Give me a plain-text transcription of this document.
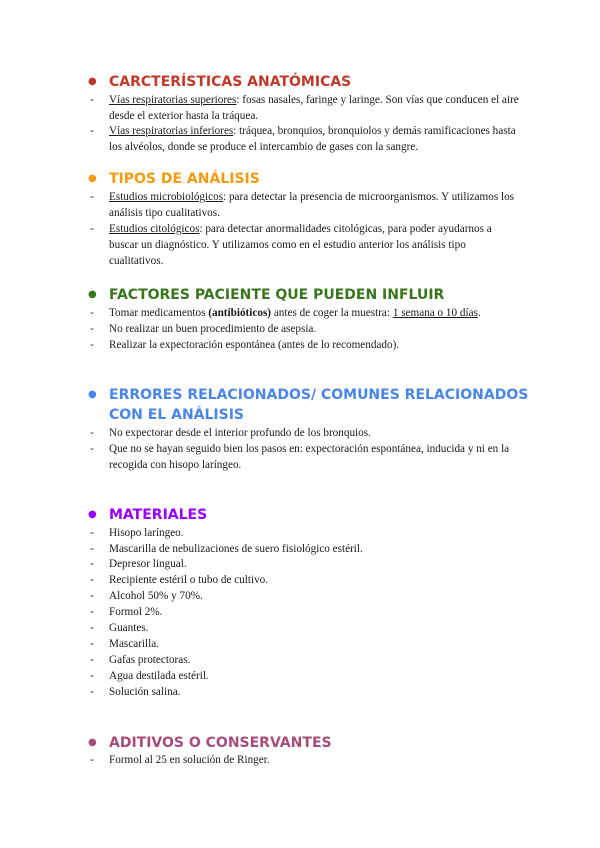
● CARCTERÍSTICAS ANATÓMICAS
-	Vías respiratorias superiores: fosas nasales, faringe y laringe. Son vías que conducen el aire desde el exterior hasta la tráquea.
-	Vías respiratorias inferiores: tráquea, bronquios, bronquiolos y demás ramificaciones hasta los alvéolos, donde se produce el intercambio de gases con la sangre.
● TIPOS DE ANÁLISIS
-	Estudios microbiológicos: para detectar la presencia de microorganismos. Y utilizamos los análisis tipo cualitativos.
-	Estudios citológicos: para detectar anormalidades citológicas, para poder ayudarnos a buscar un diagnóstico. Y utilizamos como en el estudio anterior los análisis tipo cualitativos.
● FACTORES PACIENTE QUE PUEDEN INFLUIR
-	Tomar medicamentos (antibióticos) antes de coger la muestra: 1 semana o 10 días.
-	No realizar un buen procedimiento de asepsia.
-	Realizar la expectoración espontánea (antes de lo recomendado).
● ERRORES RELACIONADOS/ COMUNES RELACIONADOS CON EL ANÁLISIS
-	No expectorar desde el interior profundo de los bronquios.
-	Que no se hayan seguido bien los pasos en: expectoración espontánea, inducida y ni en la recogida con hisopo laríngeo.
● MATERIALES
-	Hisopo laríngeo.
-	Mascarilla de nebulizaciones de suero fisiológico estéril.
-	Depresor lingual.
-	Recipiente estéril o tubo de cultivo.
-	Alcohol 50% y 70%.
-	Formol 2%.
-	Guantes.
-	Mascarilla.
-	Gafas protectoras.
-	Agua destilada estéril.
-	Solución salina.
● ADITIVOS O CONSERVANTES
-	Formol al 25 en solución de Ringer.
